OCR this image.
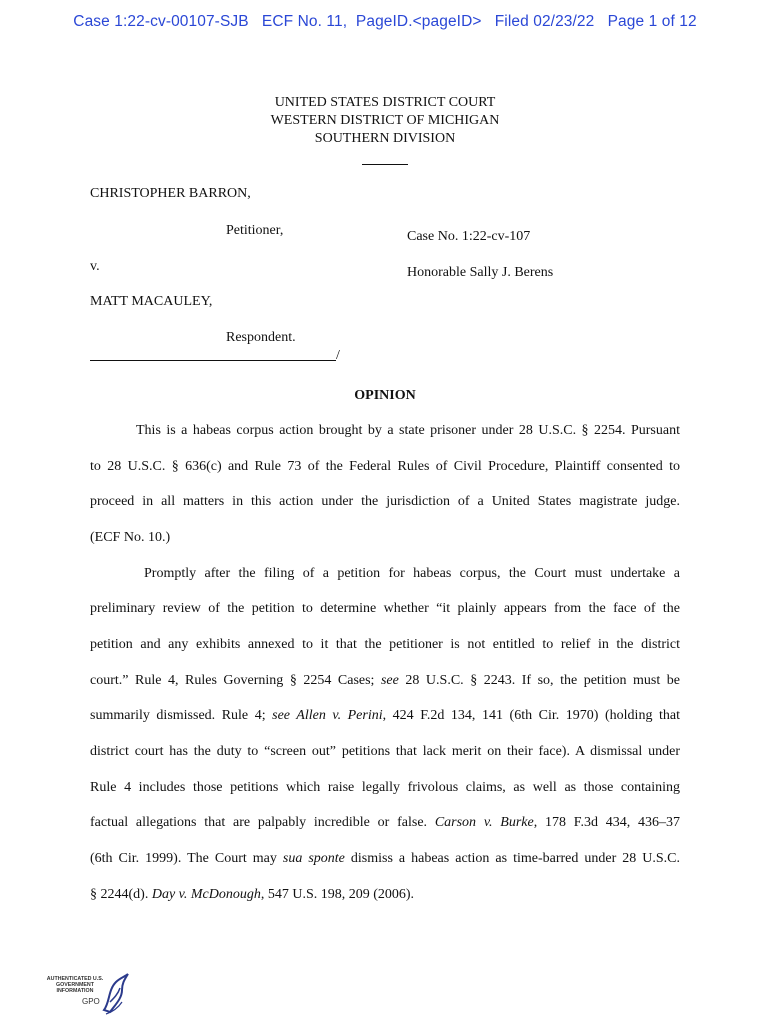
Case 1:22-cv-00107-SJB   ECF No. 11,  PageID.<pageID>   Filed 02/23/22   Page 1 of 12
UNITED STATES DISTRICT COURT
WESTERN DISTRICT OF MICHIGAN
SOUTHERN DIVISION
CHRISTOPHER BARRON,
Petitioner,	Case No. 1:22-cv-107
v.	Honorable Sally J. Berens
MATT MACAULEY,
Respondent.
/
OPINION
This is a habeas corpus action brought by a state prisoner under 28 U.S.C. § 2254. Pursuant
to 28 U.S.C. § 636(c) and Rule 73 of the Federal Rules of Civil Procedure, Plaintiff consented to
proceed in all matters in this action under the jurisdiction of a United States magistrate judge.
(ECF No. 10.)
Promptly after the filing of a petition for habeas corpus, the Court must undertake a
preliminary review of the petition to determine whether “it plainly appears from the face of the
petition and any exhibits annexed to it that the petitioner is not entitled to relief in the district
court.” Rule 4, Rules Governing § 2254 Cases; see 28 U.S.C. § 2243. If so, the petition must be
summarily dismissed. Rule 4; see Allen v. Perini, 424 F.2d 134, 141 (6th Cir. 1970) (holding that
district court has the duty to “screen out” petitions that lack merit on their face). A dismissal under
Rule 4 includes those petitions which raise legally frivolous claims, as well as those containing
factual allegations that are palpably incredible or false. Carson v. Burke, 178 F.3d 434, 436–37
(6th Cir. 1999). The Court may sua sponte dismiss a habeas action as time-barred under 28 U.S.C.
§ 2244(d). Day v. McDonough, 547 U.S. 198, 209 (2006).
AUTHENTICATED U.S. GOVERNMENT INFORMATION
GPO
